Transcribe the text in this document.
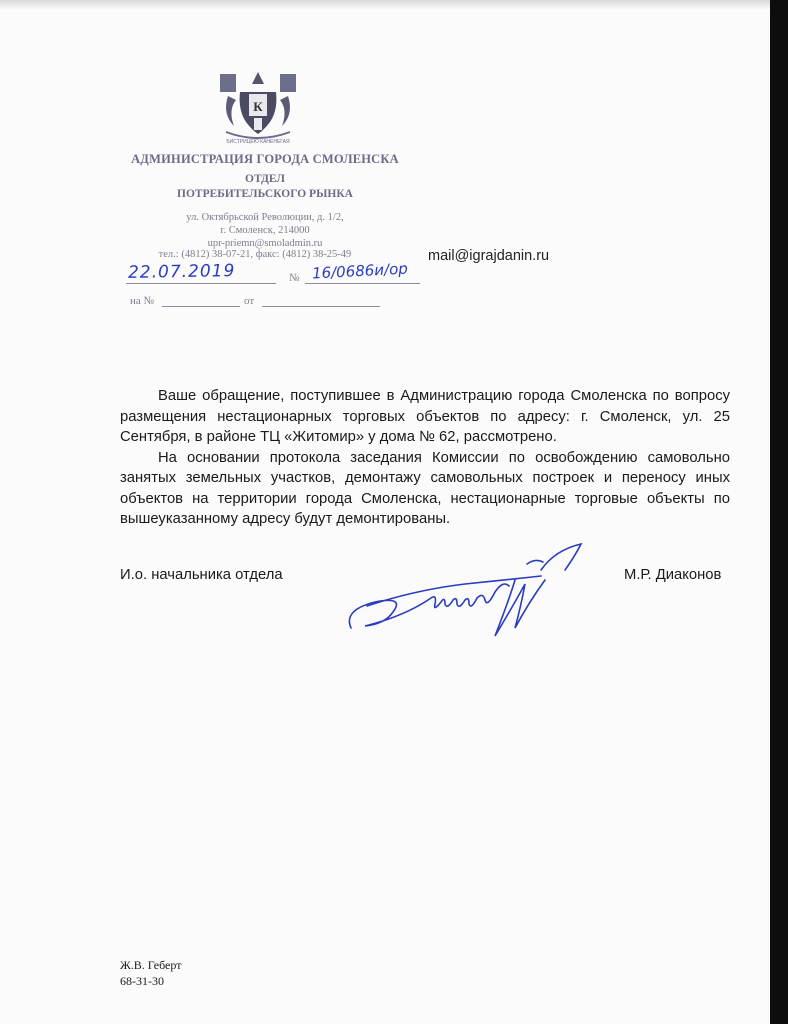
К
БИСТРИЦЕЮ КАНЕНЕГАЯ
АДМИНИСТРАЦИЯ ГОРОДА СМОЛЕНСКА
ОТДЕЛ
ПОТРЕБИТЕЛЬСКОГО РЫНКА
ул. Октябрьской Революции, д. 1/2,
г. Смоленск, 214000
upr-priemn@smoladmin.ru
тел.: (4812) 38-07-21, факс: (4812) 38-25-49	mail@igrajdanin.ru
22.07.2019	№ 16/0686и/ор
на №	от

Ваше обращение, поступившее в Администрацию города Смоленска по вопросу размещения нестационарных торговых объектов по адресу: г. Смоленск, ул. 25 Сентября, в районе ТЦ «Житомир» у дома № 62, рассмотрено.

На основании протокола заседания Комиссии по освобождению самовольно занятых земельных участков, демонтажу самовольных построек и переносу иных объектов на территории города Смоленска, нестационарные торговые объекты по вышеуказанному адресу будут демонтированы.

И.о. начальника отдела	М.Р. Диаконов
Ж.В. Геберт
68-31-30
